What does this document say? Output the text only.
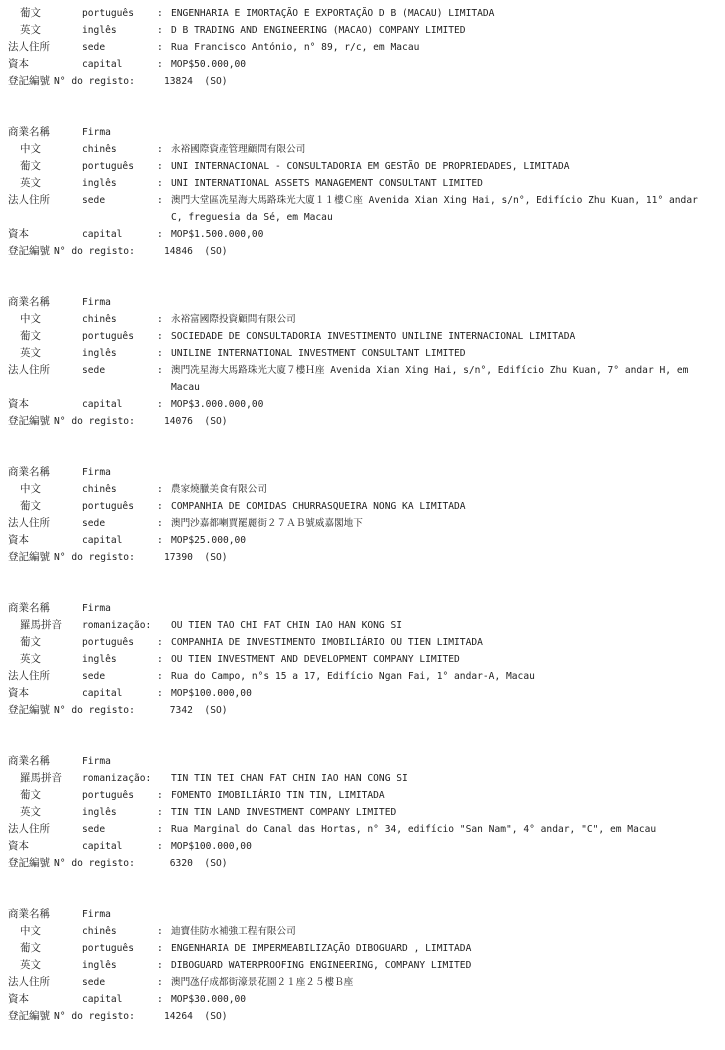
葡文	português : ENGENHARIA E IMORTAÇÃO E EXPORTAÇÃO D B (MACAU) LIMITADA
英文	inglês	: D B TRADING AND ENGINEERING (MACAO) COMPANY LIMITED
法人住所	sede	: Rua Francisco António, n° 89, r/c, em Macau
資本	capital	: MOP$50.000,00
登記編號 N° do registo:	13824  (SO)
商業名稱	Firma
中文	chinês	: 永裕國際資產管理顧問有限公司
葡文	português : UNI INTERNACIONAL - CONSULTADORIA EM GESTÃO DE PROPRIEDADES, LIMITADA
英文	inglês	: UNI INTERNATIONAL ASSETS MANAGEMENT CONSULTANT LIMITED
法人住所	sede	: 澳門大堂區冼星海大馬路珠光大廈１１樓Ｃ座 Avenida Xian Xing Hai, s/n°, Edifício Zhu Kuan, 11° andar C, freguesia da Sé, em Macau
資本	capital	: MOP$1.500.000,00
登記編號 N° do registo:	14846  (SO)
商業名稱	Firma
中文	chinês	: 永裕富國際投資顧問有限公司
葡文	português : SOCIEDADE DE CONSULTADORIA INVESTIMENTO UNILINE INTERNACIONAL LIMITADA
英文	inglês	: UNILINE INTERNATIONAL INVESTMENT CONSULTANT LIMITED
法人住所	sede	: 澳門冼星海大馬路珠光大廈７樓Ｈ座 Avenida Xian Xing Hai, s/n°, Edifício Zhu Kuan, 7° andar H, em Macau
資本	capital	: MOP$3.000.000,00
登記編號 N° do registo:	14076  (SO)
商業名稱	Firma
中文	chinês	: 農家燒臘美食有限公司
葡文	português : COMPANHIA DE COMIDAS CHURRASQUEIRA NONG KA LIMITADA
法人住所	sede	: 澳門沙嘉都喇賈罷麗街２７ＡＢ號威嘉閣地下
資本	capital	: MOP$25.000,00
登記編號 N° do registo:	17390  (SO)
商業名稱	Firma
羅馬拼音 romanização: OU TIEN TAO CHI FAT CHIN IAO HAN KONG SI
葡文	português : COMPANHIA DE INVESTIMENTO IMOBILIÁRIO OU TIEN LIMITADA
英文	inglês	: OU TIEN INVESTMENT AND DEVELOPMENT COMPANY LIMITED
法人住所	sede	: Rua do Campo, n°s 15 a 17, Edifício Ngan Fai, 1° andar-A, Macau
資本	capital	: MOP$100.000,00
登記編號 N° do registo:	7342  (SO)
商業名稱	Firma
羅馬拼音 romanização: TIN TIN TEI CHAN FAT CHIN IAO HAN CONG SI
葡文	português : FOMENTO IMOBILIÁRIO TIN TIN, LIMITADA
英文	inglês	: TIN TIN LAND INVESTMENT COMPANY LIMITED
法人住所	sede	: Rua Marginal do Canal das Hortas, n° 34, edifício "San Nam", 4° andar, "C", em Macau
資本	capital	: MOP$100.000,00
登記編號 N° do registo:	6320  (SO)
商業名稱	Firma
中文	chinês	: 迪寶佳防水補強工程有限公司
葡文	português : ENGENHARIA DE IMPERMEABILIZAÇÃO DIBOGUARD , LIMITADA
英文	inglês	: DIBOGUARD WATERPROOFING ENGINEERING, COMPANY LIMITED
法人住所	sede	: 澳門氹仔成都街濠景花園２１座２５樓Ｂ座
資本	capital	: MOP$30.000,00
登記編號 N° do registo:	14264  (SO)
